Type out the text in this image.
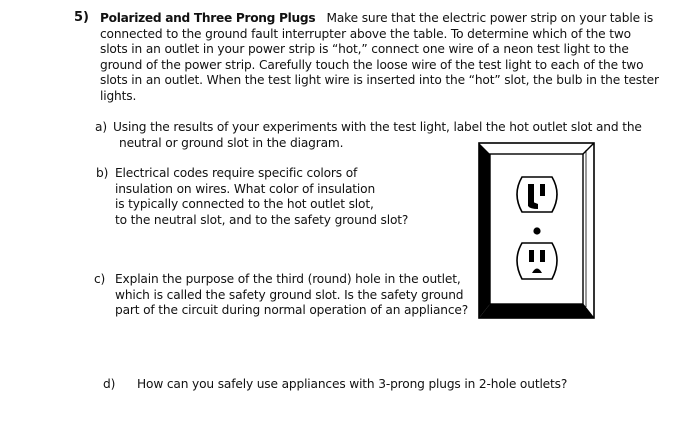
5) Polarized and Three Prong Plugs Make sure that the electric power strip on your table is
connected to the ground fault interrupter above the table. To determine which of the two
slots in an outlet in your power strip is “hot,” connect one wire of a neon test light to the
ground of the power strip. Carefully touch the loose wire of the test light to each of the two
slots in an outlet. When the test light wire is inserted into the “hot” slot, the bulb in the tester
lights.
a) Using the results of your experiments with the test light, label the hot outlet slot and the
neutral or ground slot in the diagram.
b) Electrical codes require specific colors of
insulation on wires. What color of insulation
is typically connected to the hot outlet slot,
to the neutral slot, and to the safety ground slot?
c) Explain the purpose of the third (round) hole in the outlet,
which is called the safety ground slot. Is the safety ground
part of the circuit during normal operation of an appliance?
d) How can you safely use appliances with 3-prong plugs in 2-hole outlets?
